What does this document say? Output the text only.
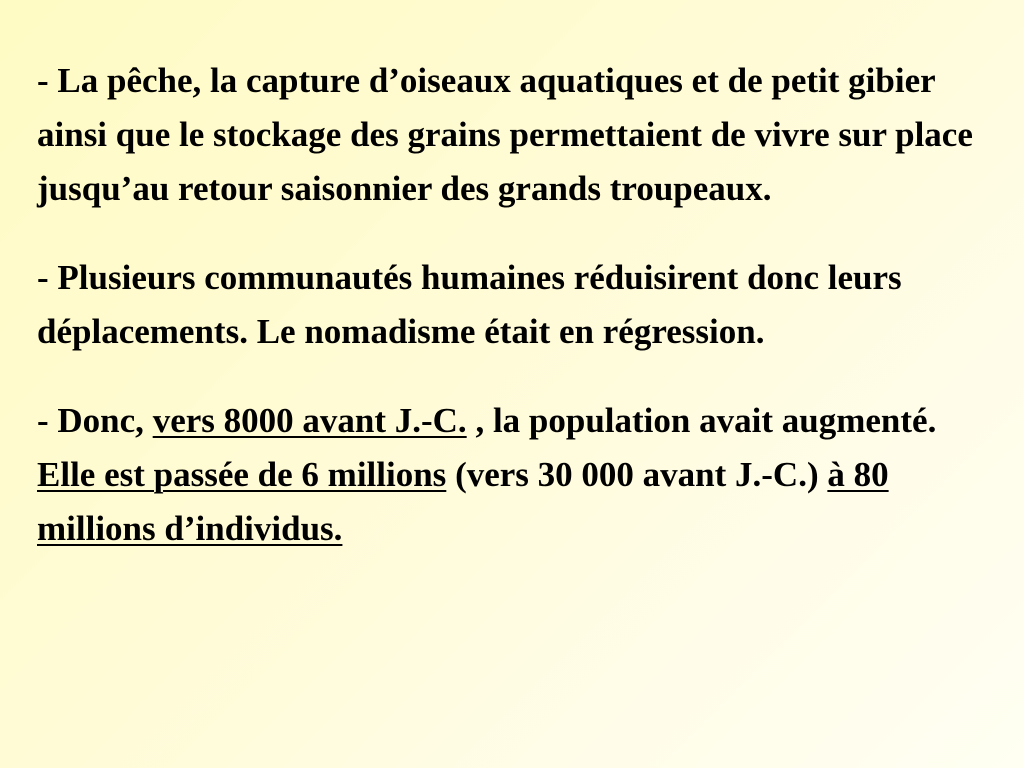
- La pêche, la capture d’oiseaux aquatiques et de petit gibier ainsi que le stockage des grains permettaient de vivre sur place jusqu’au retour saisonnier des grands troupeaux.

- Plusieurs communautés humaines réduisirent donc leurs déplacements. Le nomadisme était en régression.

- Donc, vers 8000 avant J.-C. , la population avait augmenté. Elle est passée de 6 millions (vers 30 000 avant J.-C.) à 80 millions d’individus.
